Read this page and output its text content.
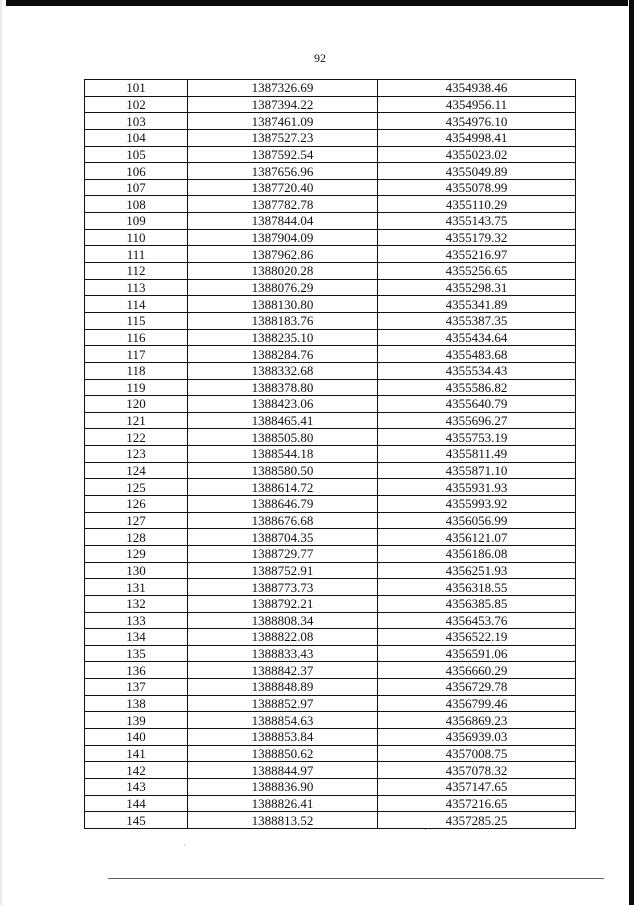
92
101	1387326.69	4354938.46
102	1387394.22	4354956.11
103	1387461.09	4354976.10
104	1387527.23	4354998.41
105	1387592.54	4355023.02
106	1387656.96	4355049.89
107	1387720.40	4355078.99
108	1387782.78	4355110.29
109	1387844.04	4355143.75
110	1387904.09	4355179.32
111	1387962.86	4355216.97
112	1388020.28	4355256.65
113	1388076.29	4355298.31
114	1388130.80	4355341.89
115	1388183.76	4355387.35
116	1388235.10	4355434.64
117	1388284.76	4355483.68
118	1388332.68	4355534.43
119	1388378.80	4355586.82
120	1388423.06	4355640.79
121	1388465.41	4355696.27
122	1388505.80	4355753.19
123	1388544.18	4355811.49
124	1388580.50	4355871.10
125	1388614.72	4355931.93
126	1388646.79	4355993.92
127	1388676.68	4356056.99
128	1388704.35	4356121.07
129	1388729.77	4356186.08
130	1388752.91	4356251.93
131	1388773.73	4356318.55
132	1388792.21	4356385.85
133	1388808.34	4356453.76
134	1388822.08	4356522.19
135	1388833.43	4356591.06
136	1388842.37	4356660.29
137	1388848.89	4356729.78
138	1388852.97	4356799.46
139	1388854.63	4356869.23
140	1388853.84	4356939.03
141	1388850.62	4357008.75
142	1388844.97	4357078.32
143	1388836.90	4357147.65
144	1388826.41	4357216.65
145	1388813.52	4357285.25
